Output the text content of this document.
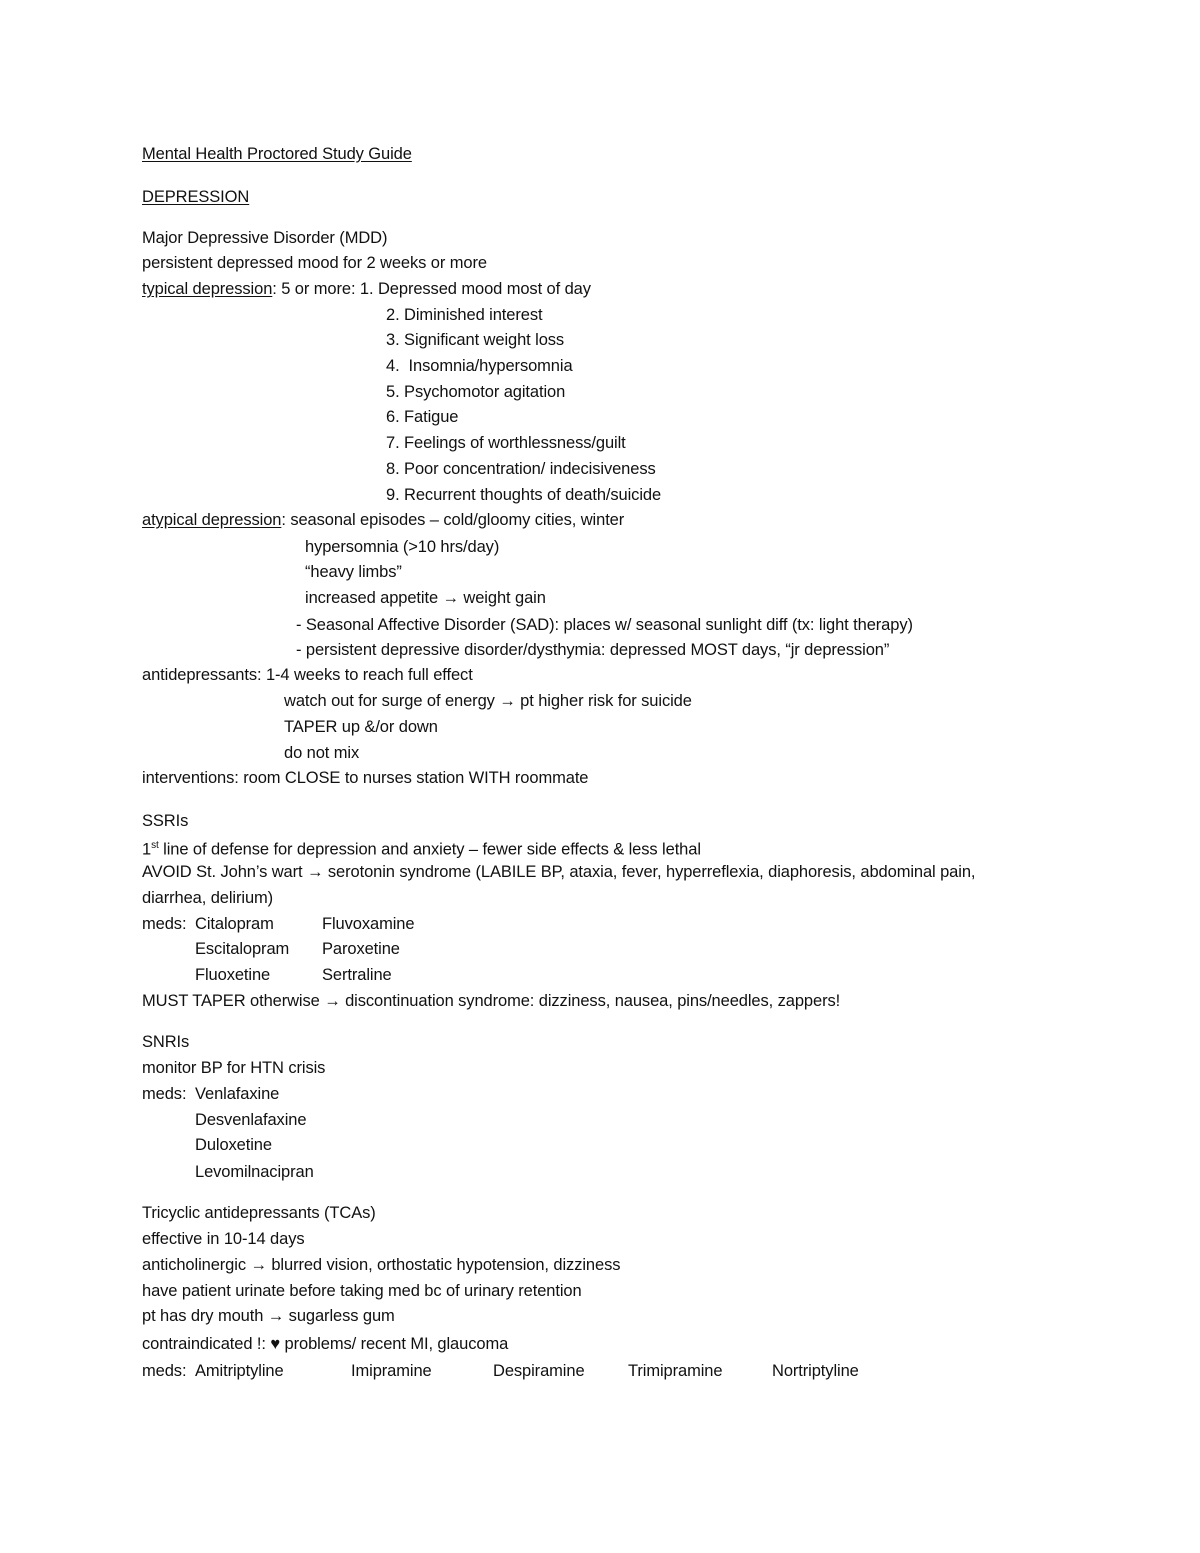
Mental Health Proctored Study Guide
DEPRESSION
Major Depressive Disorder (MDD)
persistent depressed mood for 2 weeks or more
typical depression: 5 or more: 1. Depressed mood most of day
2. Diminished interest
3. Significant weight loss
4.  Insomnia/hypersomnia
5. Psychomotor agitation
6. Fatigue
7. Feelings of worthlessness/guilt
8. Poor concentration/ indecisiveness
9. Recurrent thoughts of death/suicide
atypical depression: seasonal episodes – cold/gloomy cities, winter
hypersomnia (>10 hrs/day)
“heavy limbs”
increased appetite → weight gain
- Seasonal Affective Disorder (SAD): places w/ seasonal sunlight diff (tx: light therapy)
- persistent depressive disorder/dysthymia: depressed MOST days, “jr depression”
antidepressants: 1-4 weeks to reach full effect
watch out for surge of energy → pt higher risk for suicide
TAPER up &/or down
do not mix
interventions: room CLOSE to nurses station WITH roommate
SSRIs
1st line of defense for depression and anxiety – fewer side effects & less lethal
AVOID St. John’s wart → serotonin syndrome (LABILE BP, ataxia, fever, hyperreflexia, diaphoresis, abdominal pain,
diarrhea, delirium)
meds: Citalopram	Fluvoxamine
Escitalopram Paroxetine
Fluoxetine	Sertraline
MUST TAPER otherwise → discontinuation syndrome: dizziness, nausea, pins/needles, zappers!
SNRIs
monitor BP for HTN crisis
meds: Venlafaxine
Desvenlafaxine
Duloxetine
Levomilnacipran
Tricyclic antidepressants (TCAs)
effective in 10-14 days
anticholinergic → blurred vision, orthostatic hypotension, dizziness
have patient urinate before taking med bc of urinary retention
pt has dry mouth → sugarless gum
contraindicated !: ♥ problems/ recent MI, glaucoma
meds: Amitriptyline	Imipramine	Despiramine	Trimipramine	Nortriptyline
